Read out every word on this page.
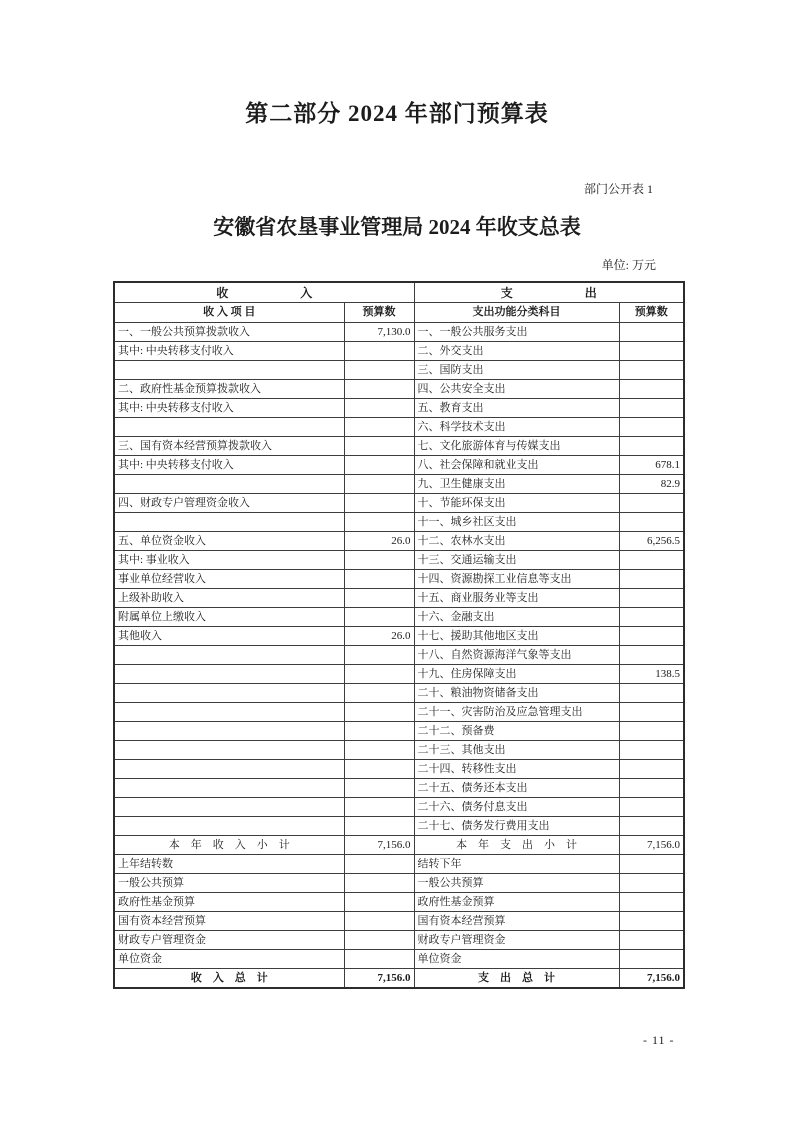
第二部分 2024 年部门预算表
部门公开表 1
安徽省农垦事业管理局 2024 年收支总表
单位: 万元
收　　　　　　入		支　　　　　　出	
收 入 项 目	预算数	支出功能分类科目	预算数
一、一般公共预算拨款收入	7,130.0	一、一般公共服务支出	
其中: 中央转移支付收入		二、外交支出	
		三、国防支出	
二、政府性基金预算拨款收入		四、公共安全支出	
其中: 中央转移支付收入		五、教育支出	
		六、科学技术支出	
三、国有资本经营预算拨款收入		七、文化旅游体育与传媒支出	
其中: 中央转移支付收入		八、社会保障和就业支出	678.1
		九、卫生健康支出	82.9
四、财政专户管理资金收入		十、节能环保支出	
		十一、城乡社区支出	
五、单位资金收入	26.0	十二、农林水支出	6,256.5
其中: 事业收入		十三、交通运输支出	
事业单位经营收入		十四、资源勘探工业信息等支出	
上级补助收入		十五、商业服务业等支出	
附属单位上缴收入		十六、金融支出	
其他收入	26.0	十七、援助其他地区支出	
		十八、自然资源海洋气象等支出	
		十九、住房保障支出	138.5
		二十、粮油物资储备支出	
		二十一、灾害防治及应急管理支出	
		二十二、预备费	
		二十三、其他支出	
		二十四、转移性支出	
		二十五、债务还本支出	
		二十六、债务付息支出	
		二十七、债务发行费用支出	
本　年　收　入　小　计	7,156.0	本　年　支　出　小　计	7,156.0
上年结转数		结转下年	
一般公共预算		一般公共预算	
政府性基金预算		政府性基金预算	
国有资本经营预算		国有资本经营预算	
财政专户管理资金		财政专户管理资金	
单位资金		单位资金	
收　入　总　计	7,156.0	支　出　总　计	7,156.0
- 11 -
